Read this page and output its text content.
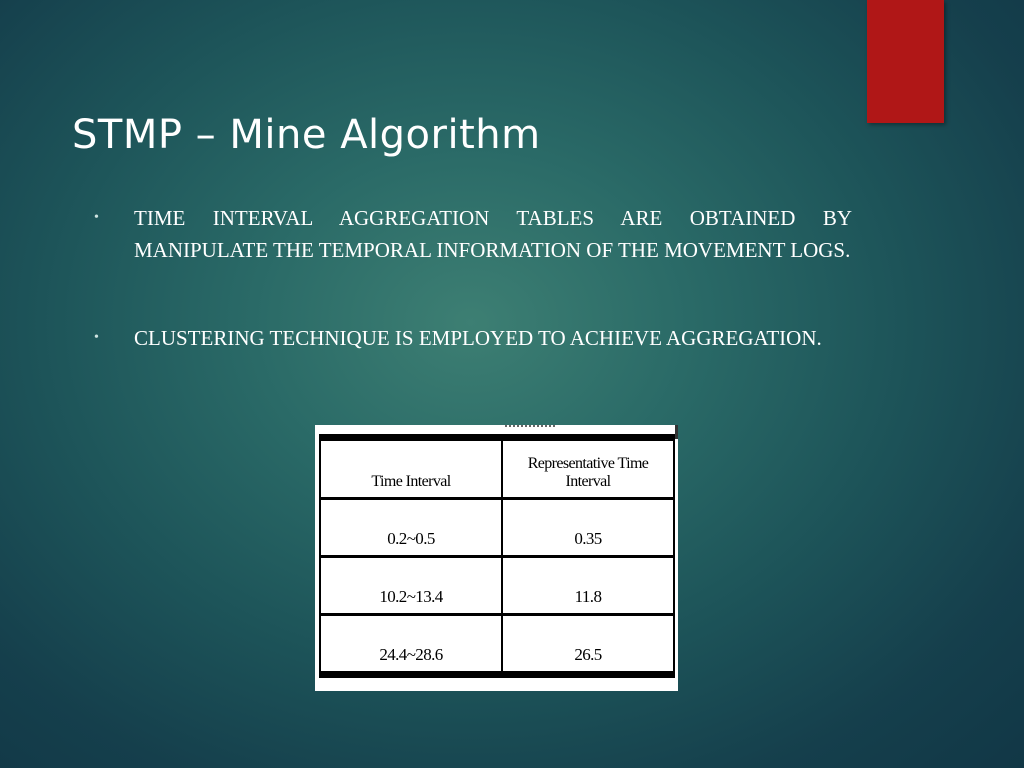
STMP – Mine Algorithm
• TIME INTERVAL AGGREGATION TABLES ARE OBTAINED BY MANIPULATE THE TEMPORAL INFORMATION OF THE MOVEMENT LOGS.
• CLUSTERING TECHNIQUE IS EMPLOYED TO ACHIEVE AGGREGATION.
Time Interval	Representative Time Interval
0.2~0.5	0.35
10.2~13.4	11.8
24.4~28.6	26.5
